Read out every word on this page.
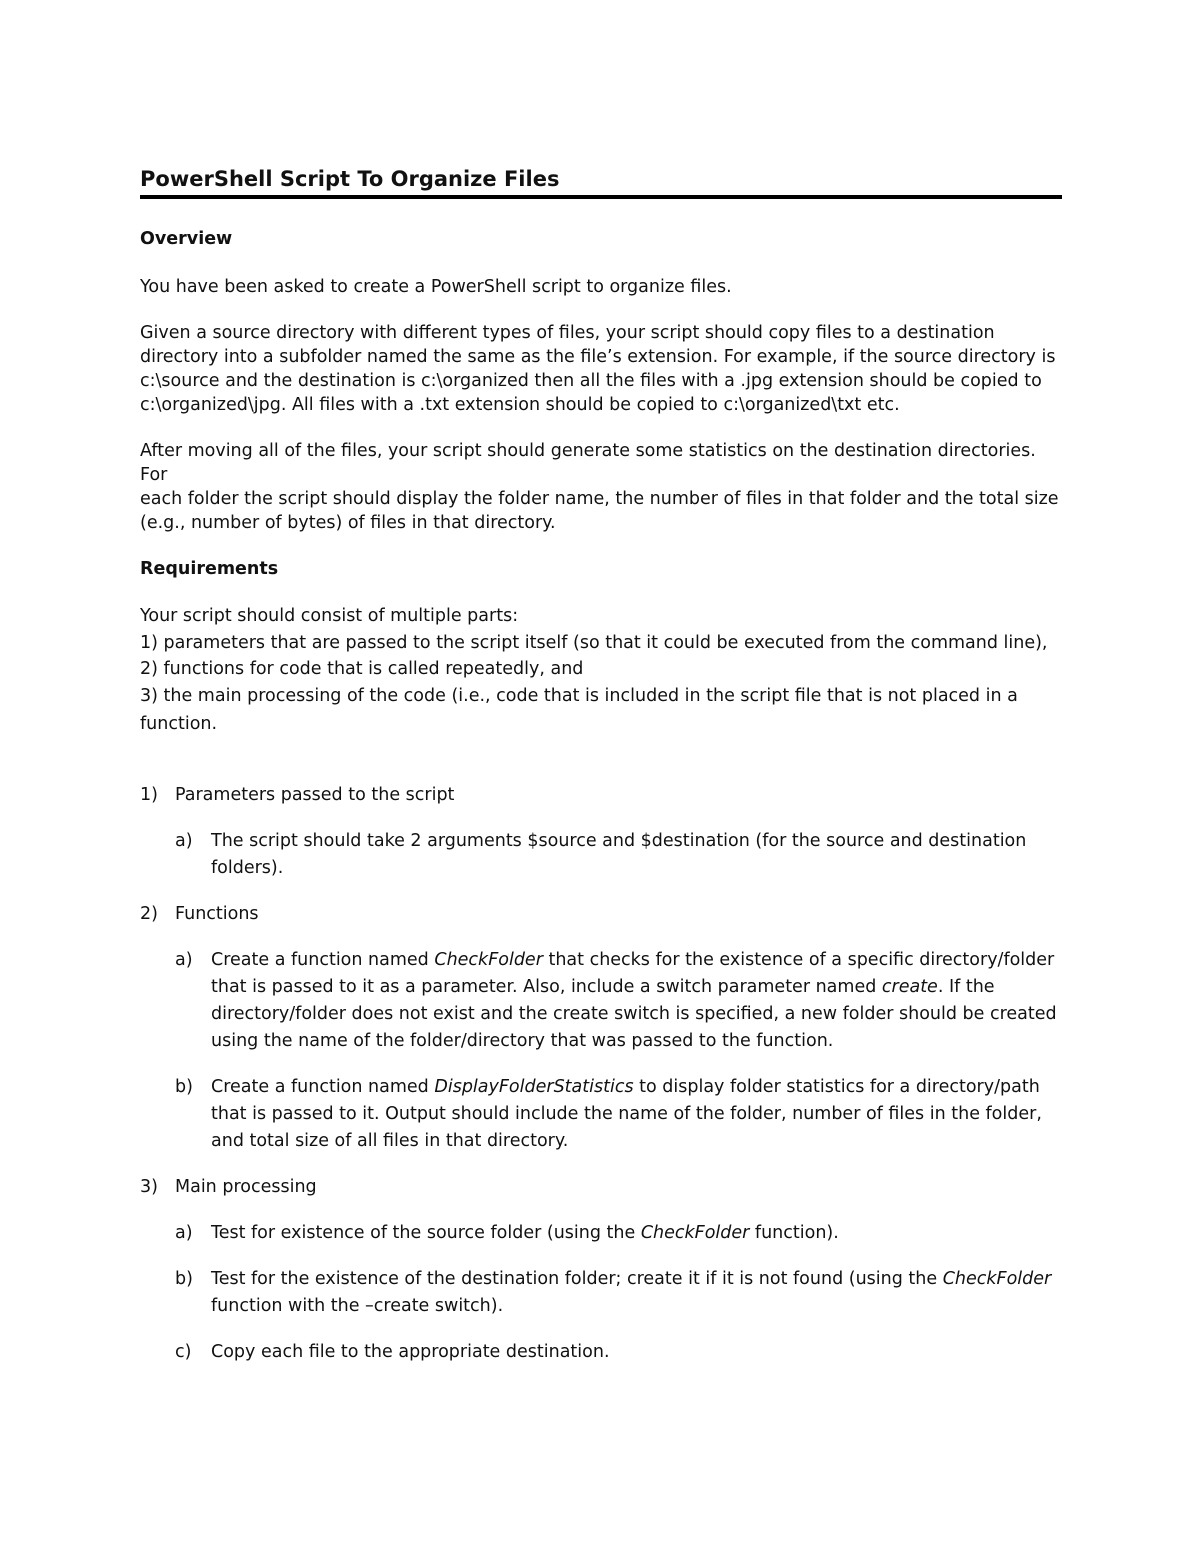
PowerShell Script To Organize Files
Overview

You have been asked to create a PowerShell script to organize files.

Given a source directory with different types of files, your script should copy files to a destination
directory into a subfolder named the same as the file’s extension. For example, if the source directory is
c:\source and the destination is c:\organized then all the files with a .jpg extension should be copied to
c:\organized\jpg. All files with a .txt extension should be copied to c:\organized\txt etc.
After moving all of the files, your script should generate some statistics on the destination directories. For
each folder the script should display the folder name, the number of files in that folder and the total size
(e.g., number of bytes) of files in that directory.
Requirements
Your script should consist of multiple parts:
1) parameters that are passed to the script itself (so that it could be executed from the command line),
2) functions for code that is called repeatedly, and
3) the main processing of the code (i.e., code that is included in the script file that is not placed in a
function.
1) Parameters passed to the script
a) The script should take 2 arguments $source and $destination (for the source and destination
folders).
2) Functions
a) Create a function named CheckFolder that checks for the existence of a specific directory/folder
that is passed to it as a parameter. Also, include a switch parameter named create. If the
directory/folder does not exist and the create switch is specified, a new folder should be created
using the name of the folder/directory that was passed to the function.
b) Create a function named DisplayFolderStatistics to display folder statistics for a directory/path
that is passed to it. Output should include the name of the folder, number of files in the folder,
and total size of all files in that directory.
3) Main processing
a) Test for existence of the source folder (using the CheckFolder function).
b) Test for the existence of the destination folder; create it if it is not found (using the CheckFolder
function with the –create switch).
c) Copy each file to the appropriate destination.
